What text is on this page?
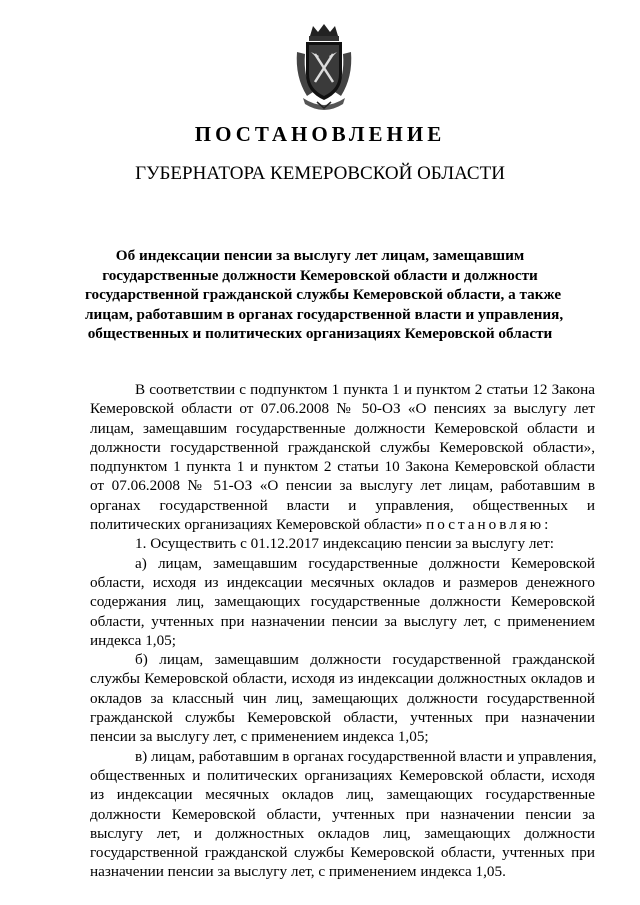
ПОСТАНОВЛЕНИЕ
ГУБЕРНАТОРА КЕМЕРОВСКОЙ ОБЛАСТИ
Об индексации пенсии за выслугу лет лицам, замещавшим
государственные должности Кемеровской области и должности
государственной гражданской службы Кемеровской области, а также
лицам, работавшим в органах государственной власти и управления,
общественных и политических организациях Кемеровской области
В соответствии с подпунктом 1 пункта 1 и пунктом 2 статьи 12 Закона
Кемеровской области от 07.06.2008 № 50-ОЗ «О пенсиях за выслугу лет
лицам, замещавшим государственные должности Кемеровской области и
должности государственной гражданской службы Кемеровской области»,
подпунктом 1 пункта 1 и пунктом 2 статьи 10 Закона Кемеровской области
от 07.06.2008 № 51-ОЗ «О пенсии за выслугу лет лицам, работавшим в
органах государственной власти и управления, общественных и
политических организациях Кемеровской области» постановляю:
1. Осуществить с 01.12.2017 индексацию пенсии за выслугу лет:
а) лицам, замещавшим государственные должности Кемеровской
области, исходя из индексации месячных окладов и размеров денежного
содержания лиц, замещающих государственные должности Кемеровской
области, учтенных при назначении пенсии за выслугу лет, с применением
индекса 1,05;
б) лицам, замещавшим должности государственной гражданской
службы Кемеровской области, исходя из индексации должностных окладов и
окладов за классный чин лиц, замещающих должности государственной
гражданской службы Кемеровской области, учтенных при назначении
пенсии за выслугу лет, с применением индекса 1,05;
в) лицам, работавшим в органах государственной власти и управления,
общественных и политических организациях Кемеровской области, исходя
из индексации месячных окладов лиц, замещающих государственные
должности Кемеровской области, учтенных при назначении пенсии за
выслугу лет, и должностных окладов лиц, замещающих должности
государственной гражданской службы Кемеровской области, учтенных при
назначении пенсии за выслугу лет, с применением индекса 1,05.
